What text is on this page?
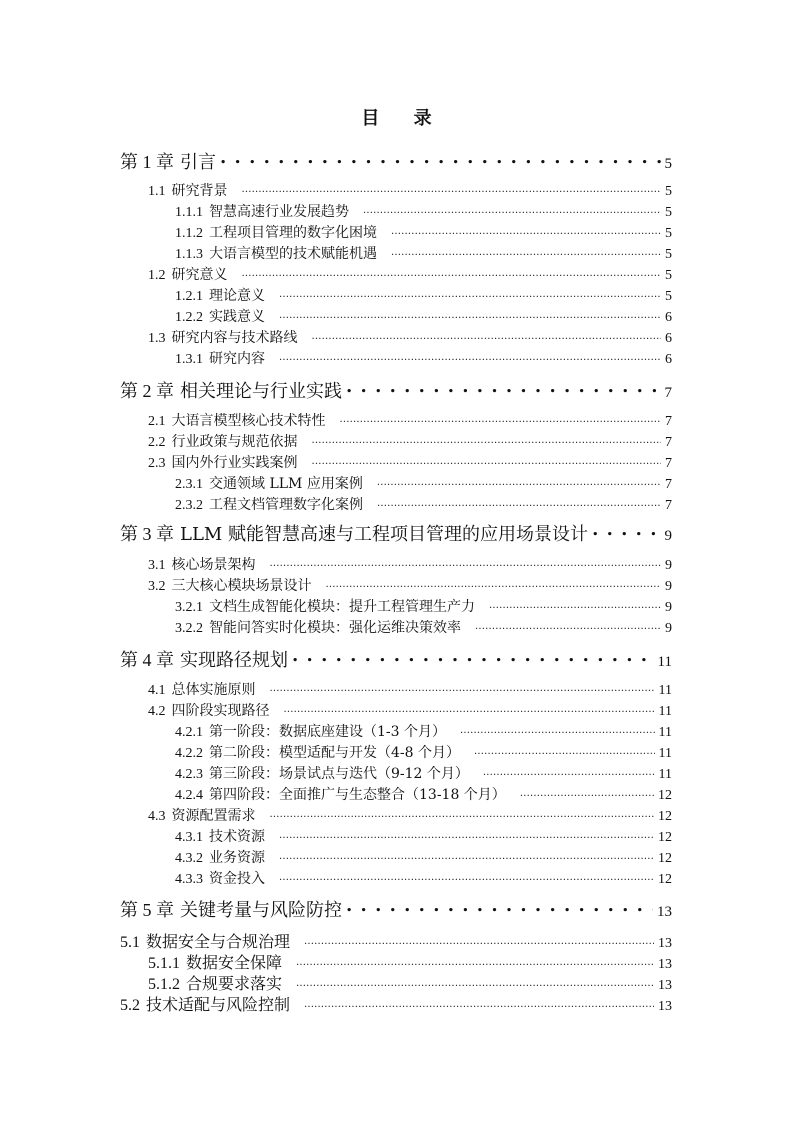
目 录
第 1 章 引言 . . .	5
1.1 研究背景 .....	5
1.1.1 智慧高速行业发展趋势 .....	5
1.1.2 工程项目管理的数字化困境 .....	5
1.1.3 大语言模型的技术赋能机遇 .....	5
1.2 研究意义 .....	5
1.2.1 理论意义 .....	5
1.2.2 实践意义 .....	6
1.3 研究内容与技术路线 .....	6
1.3.1 研究内容 .....	6
第 2 章 相关理论与行业实践 . . .	7
2.1 大语言模型核心技术特性 .....	7
2.2 行业政策与规范依据 .....	7
2.3 国内外行业实践案例 .....	7
2.3.1 交通领域 LLM 应用案例 .....	7
2.3.2 工程文档管理数字化案例 .....	7
第 3 章 LLM 赋能智慧高速与工程项目管理的应用场景设计 . . .	9
3.1 核心场景架构 .....	9
3.2 三大核心模块场景设计 .....	9
3.2.1 文档生成智能化模块：提升工程管理生产力 .....	9
3.2.2 智能问答实时化模块：强化运维决策效率 .....	9
第 4 章 实现路径规划 . . .	11
4.1 总体实施原则 .....	11
4.2 四阶段实现路径 .....	11
4.2.1 第一阶段：数据底座建设（1-3 个月） .....	11
4.2.2 第二阶段：模型适配与开发（4-8 个月） .....	11
4.2.3 第三阶段：场景试点与迭代（9-12 个月） .....	11
4.2.4 第四阶段：全面推广与生态整合（13-18 个月） .....	12
4.3 资源配置需求 .....	12
4.3.1 技术资源 .....	12
4.3.2 业务资源 .....	12
4.3.3 资金投入 .....	12
第 5 章 关键考量与风险防控 . . .	13
5.1 数据安全与合规治理 .....	13
5.1.1 数据安全保障 .....	13
5.1.2 合规要求落实 .....	13
5.2 技术适配与风险控制 .....	13
